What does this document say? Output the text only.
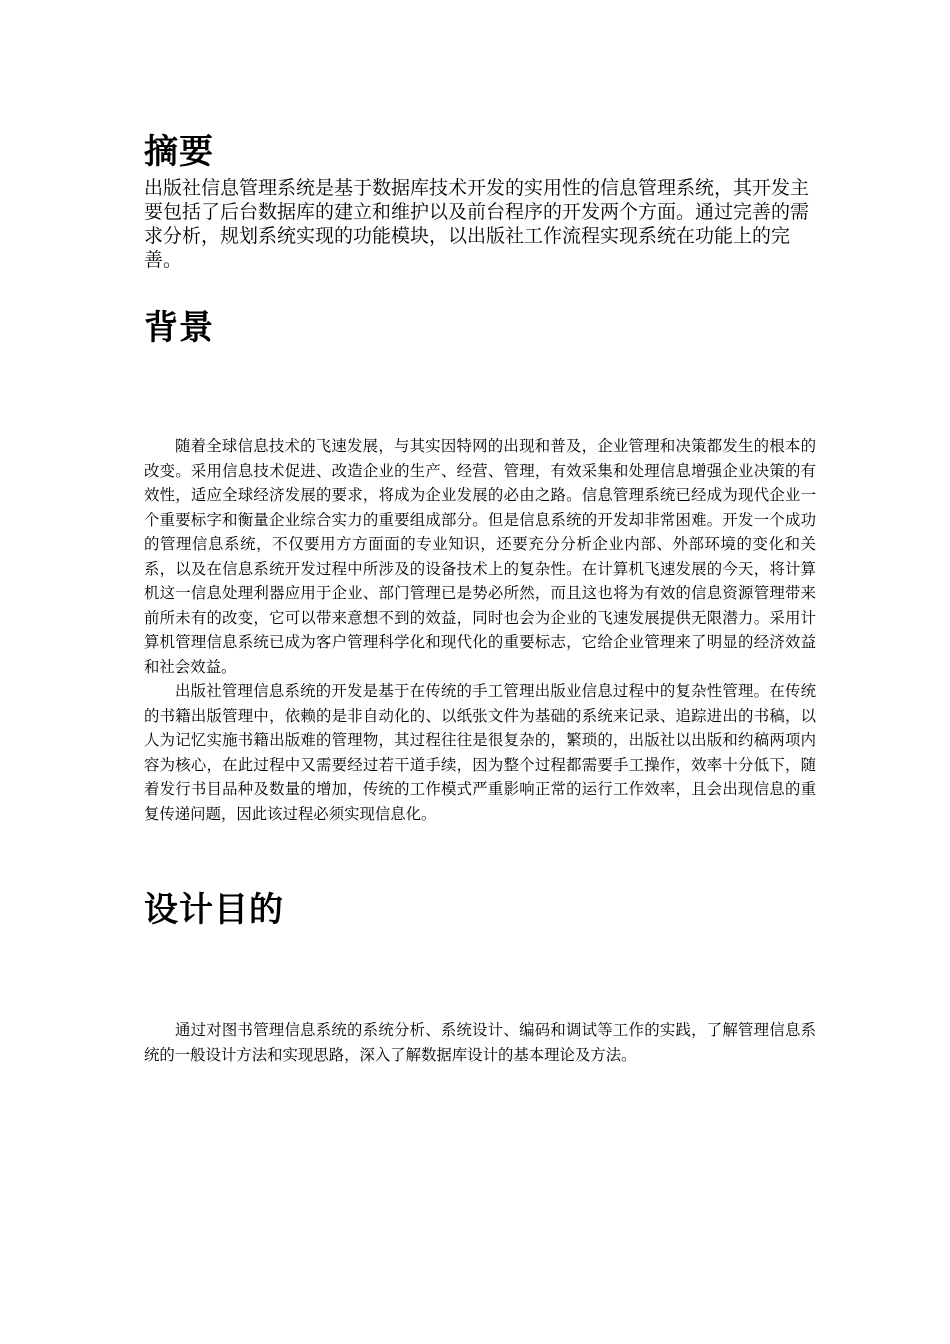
摘要

出版社信息管理系统是基于数据库技术开发的实用性的信息管理系统，其开发主要包括了后台数据库的建立和维护以及前台程序的开发两个方面。通过完善的需求分析，规划系统实现的功能模块，以出版社工作流程实现系统在功能上的完善。

背景

随着全球信息技术的飞速发展，与其实因特网的出现和普及，企业管理和决策都发生的根本的改变。采用信息技术促进、改造企业的生产、经营、管理，有效采集和处理信息增强企业决策的有效性，适应全球经济发展的要求，将成为企业发展的必由之路。信息管理系统已经成为现代企业一个重要标字和衡量企业综合实力的重要组成部分。但是信息系统的开发却非常困难。开发一个成功的管理信息系统，不仅要用方方面面的专业知识，还要充分分析企业内部、外部环境的变化和关系，以及在信息系统开发过程中所涉及的设备技术上的复杂性。在计算机飞速发展的今天，将计算机这一信息处理利器应用于企业、部门管理已是势必所然，而且这也将为有效的信息资源管理带来前所未有的改变，它可以带来意想不到的效益，同时也会为企业的飞速发展提供无限潜力。采用计算机管理信息系统已成为客户管理科学化和现代化的重要标志，它给企业管理来了明显的经济效益和社会效益。

出版社管理信息系统的开发是基于在传统的手工管理出版业信息过程中的复杂性管理。在传统的书籍出版管理中，依赖的是非自动化的、以纸张文件为基础的系统来记录、追踪进出的书稿，以人为记忆实施书籍出版难的管理物，其过程往往是很复杂的，繁琐的，出版社以出版和约稿两项内容为核心，在此过程中又需要经过若干道手续，因为整个过程都需要手工操作，效率十分低下，随着发行书目品种及数量的增加，传统的工作模式严重影响正常的运行工作效率，且会出现信息的重复传递问题，因此该过程必须实现信息化。

设计目的

通过对图书管理信息系统的系统分析、系统设计、编码和调试等工作的实践，了解管理信息系统的一般设计方法和实现思路，深入了解数据库设计的基本理论及方法。
